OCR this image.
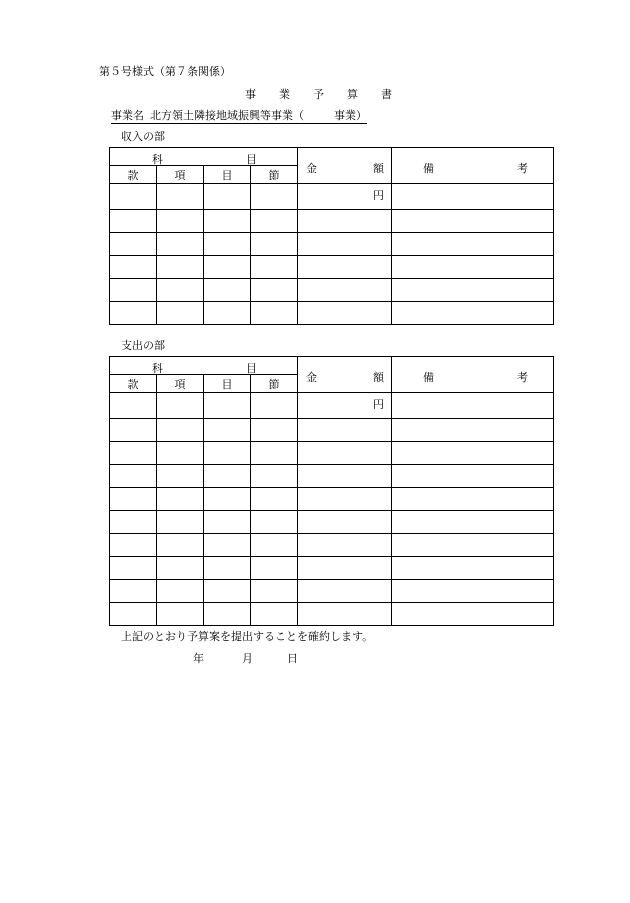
第５号様式（第７条関係）
事業予算書
事業名 北方領土隣接地域振興等事業（	事業）
収入の部
科 目				金 額	備 考

款	項	目	節		
				円	

支出の部
科 目				金 額	備 考

款	項	目	節		
				円	

上記のとおり予算案を提出することを確約します。
年	月	日
